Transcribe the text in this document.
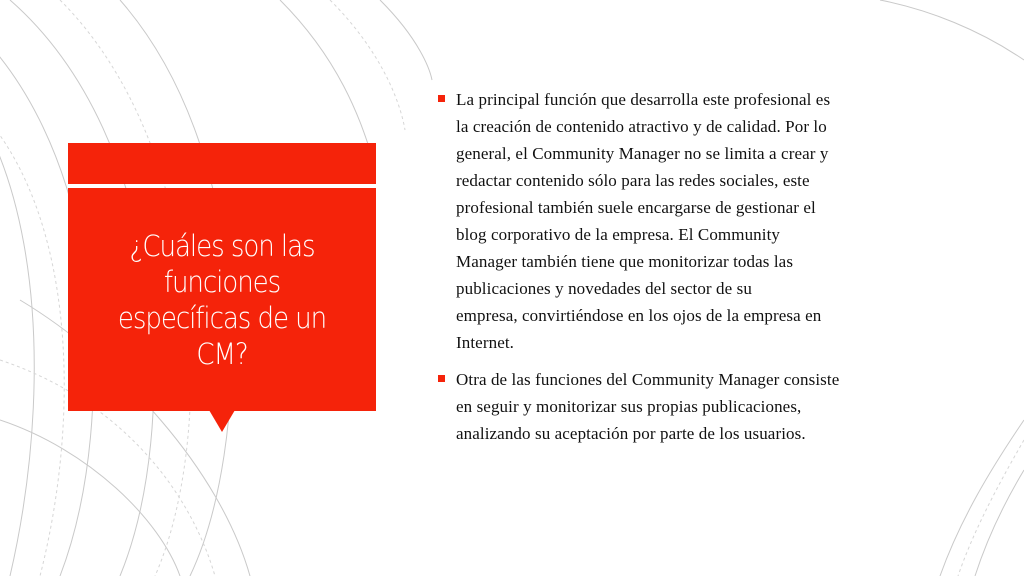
¿Cuáles son las funciones específicas de un CM?
La principal función que desarrolla este profesional es
la creación de contenido atractivo y de calidad. Por lo
general, el Community Manager no se limita a crear y
redactar contenido sólo para las redes sociales, este
profesional también suele encargarse de gestionar el
blog corporativo de la empresa. El Community
Manager también tiene que monitorizar todas las
publicaciones y novedades del sector de su
empresa, convirtiéndose en los ojos de la empresa en
Internet.
Otra de las funciones del Community Manager consiste
en seguir y monitorizar sus propias publicaciones,
analizando su aceptación por parte de los usuarios.
